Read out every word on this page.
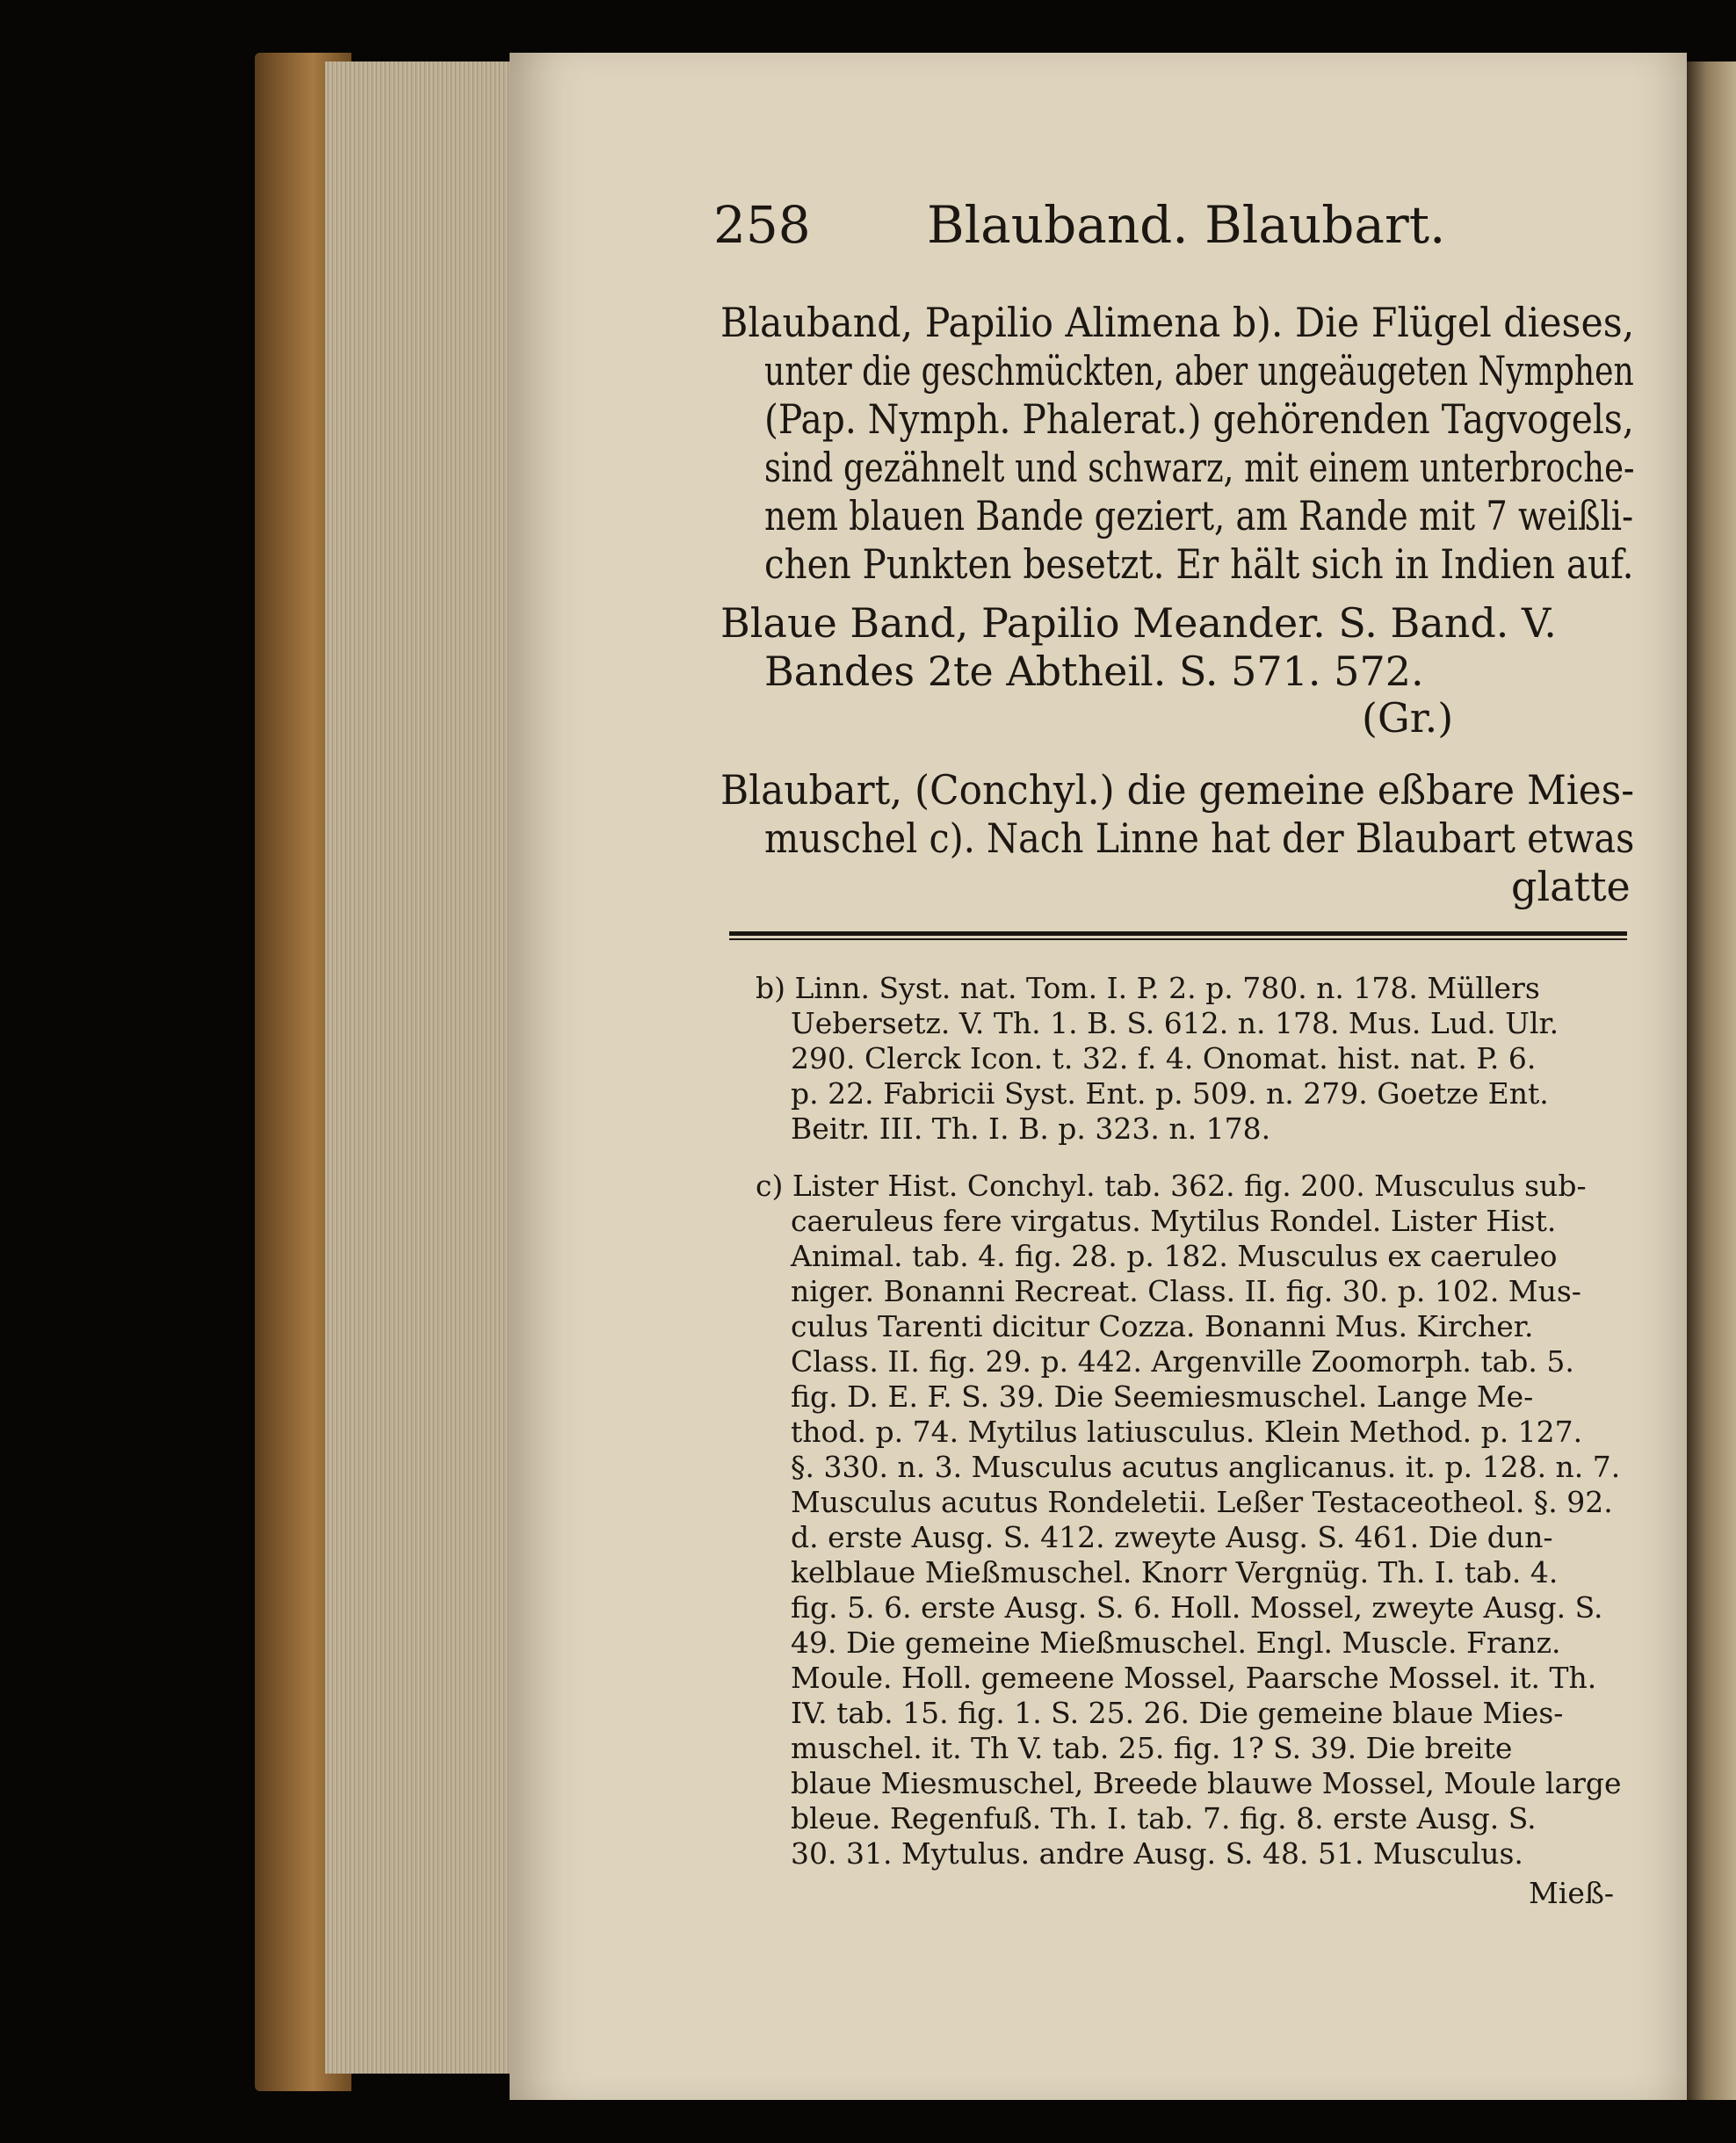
258 Blauband. Blaubart.
Blauband, Papilio Alimena b). Die Flügel dieses,
unter die geschmückten, aber ungeäugeten Nymphen
(Pap. Nymph. Phalerat.) gehörenden Tagvogels,
sind gezähnelt und schwarz, mit einem unterbroche-
nem blauen Bande geziert, am Rande mit 7 weißli-
chen Punkten besetzt. Er hält sich in Indien auf.
Blaue Band, Papilio Meander. S. Band. V.
Bandes 2te Abtheil. S. 571. 572.
(Gr.)
Blaubart, (Conchyl.) die gemeine eßbare Mies-
muschel c). Nach Linne hat der Blaubart etwas
glatte
b) Linn. Syst. nat. Tom. I. P. 2. p. 780. n. 178. Müllers
Uebersetz. V. Th. 1. B. S. 612. n. 178. Mus. Lud. Ulr.
290. Clerck Icon. t. 32. f. 4. Onomat. hist. nat. P. 6.
p. 22. Fabricii Syst. Ent. p. 509. n. 279. Goetze Ent.
Beitr. III. Th. I. B. p. 323. n. 178.
c) Lister Hist. Conchyl. tab. 362. fig. 200. Musculus sub-
caeruleus fere virgatus. Mytilus Rondel. Lister Hist.
Animal. tab. 4. fig. 28. p. 182. Musculus ex caeruleo
niger. Bonanni Recreat. Class. II. fig. 30. p. 102. Mus-
culus Tarenti dicitur Cozza. Bonanni Mus. Kircher.
Class. II. fig. 29. p. 442. Argenville Zoomorph. tab. 5.
fig. D. E. F. S. 39. Die Seemiesmuschel. Lange Me-
thod. p. 74. Mytilus latiusculus. Klein Method. p. 127.
§. 330. n. 3. Musculus acutus anglicanus. it. p. 128. n. 7.
Musculus acutus Rondeletii. Leßer Testaceotheol. §. 92.
d. erste Ausg. S. 412. zweyte Ausg. S. 461. Die dun-
kelblaue Mießmuschel. Knorr Vergnüg. Th. I. tab. 4.
fig. 5. 6. erste Ausg. S. 6. Holl. Mossel, zweyte Ausg. S.
49. Die gemeine Mießmuschel. Engl. Muscle. Franz.
Moule. Holl. gemeene Mossel, Paarsche Mossel. it. Th.
IV. tab. 15. fig. 1. S. 25. 26. Die gemeine blaue Mies-
muschel. it. Th V. tab. 25. fig. 1? S. 39. Die breite
blaue Miesmuschel, Breede blauwe Mossel, Moule large
bleue. Regenfuß. Th. I. tab. 7. fig. 8. erste Ausg. S.
30. 31. Mytulus. andre Ausg. S. 48. 51. Musculus.
Mieß-
